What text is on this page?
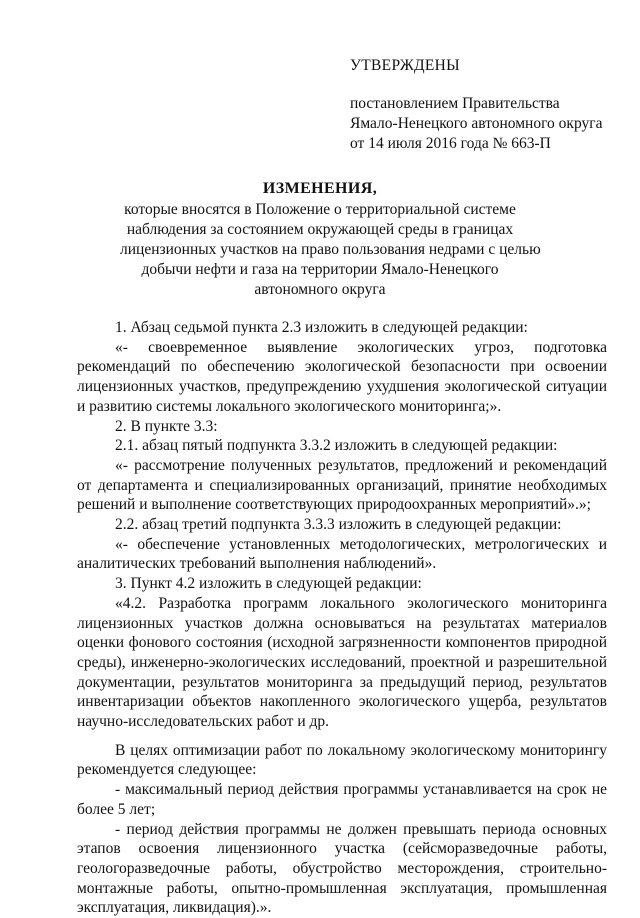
УТВЕРЖДЕНЫ

постановлением Правительства

Ямало-Ненецкого автономного округа

от 14 июля 2016 года № 663-П

ИЗМЕНЕНИЯ,

которые вносятся в Положение о территориальной системе

наблюдения за состоянием окружающей среды в границах

лицензионных участков на право пользования недрами с целью

добычи нефти и газа на территории Ямало-Ненецкого

автономного округа

1. Абзац седьмой пункта 2.3 изложить в следующей редакции:

«- своевременное выявление экологических угроз, подготовка рекомендаций по обеспечению экологической безопасности при освоении лицензионных участков, предупреждению ухудшения экологической ситуации и развитию системы локального экологического мониторинга;».

2. В пункте 3.3:

2.1. абзац пятый подпункта 3.3.2 изложить в следующей редакции:

«- рассмотрение полученных результатов, предложений и рекомендаций от департамента и специализированных организаций, принятие необходимых решений и выполнение соответствующих природоохранных мероприятий».»;

2.2. абзац третий подпункта 3.3.3 изложить в следующей редакции:

«- обеспечение установленных методологических, метрологических и аналитических требований выполнения наблюдений».

3. Пункт 4.2 изложить в следующей редакции:

«4.2. Разработка программ локального экологического мониторинга лицензионных участков должна основываться на результатах материалов оценки фонового состояния (исходной загрязненности компонентов природной среды), инженерно-экологических исследований, проектной и разрешительной документации, результатов мониторинга за предыдущий период, результатов инвентаризации объектов накопленного экологического ущерба, результатов научно-исследовательских работ и др.

В целях оптимизации работ по локальному экологическому мониторингу рекомендуется следующее:

- максимальный период действия программы устанавливается на срок не более 5 лет;

- период действия программы не должен превышать периода основных этапов освоения лицензионного участка (сейсморазведочные работы, геологоразведочные работы, обустройство месторождения, строительно-монтажные работы, опытно-промышленная эксплуатация, промышленная эксплуатация, ликвидация).».
